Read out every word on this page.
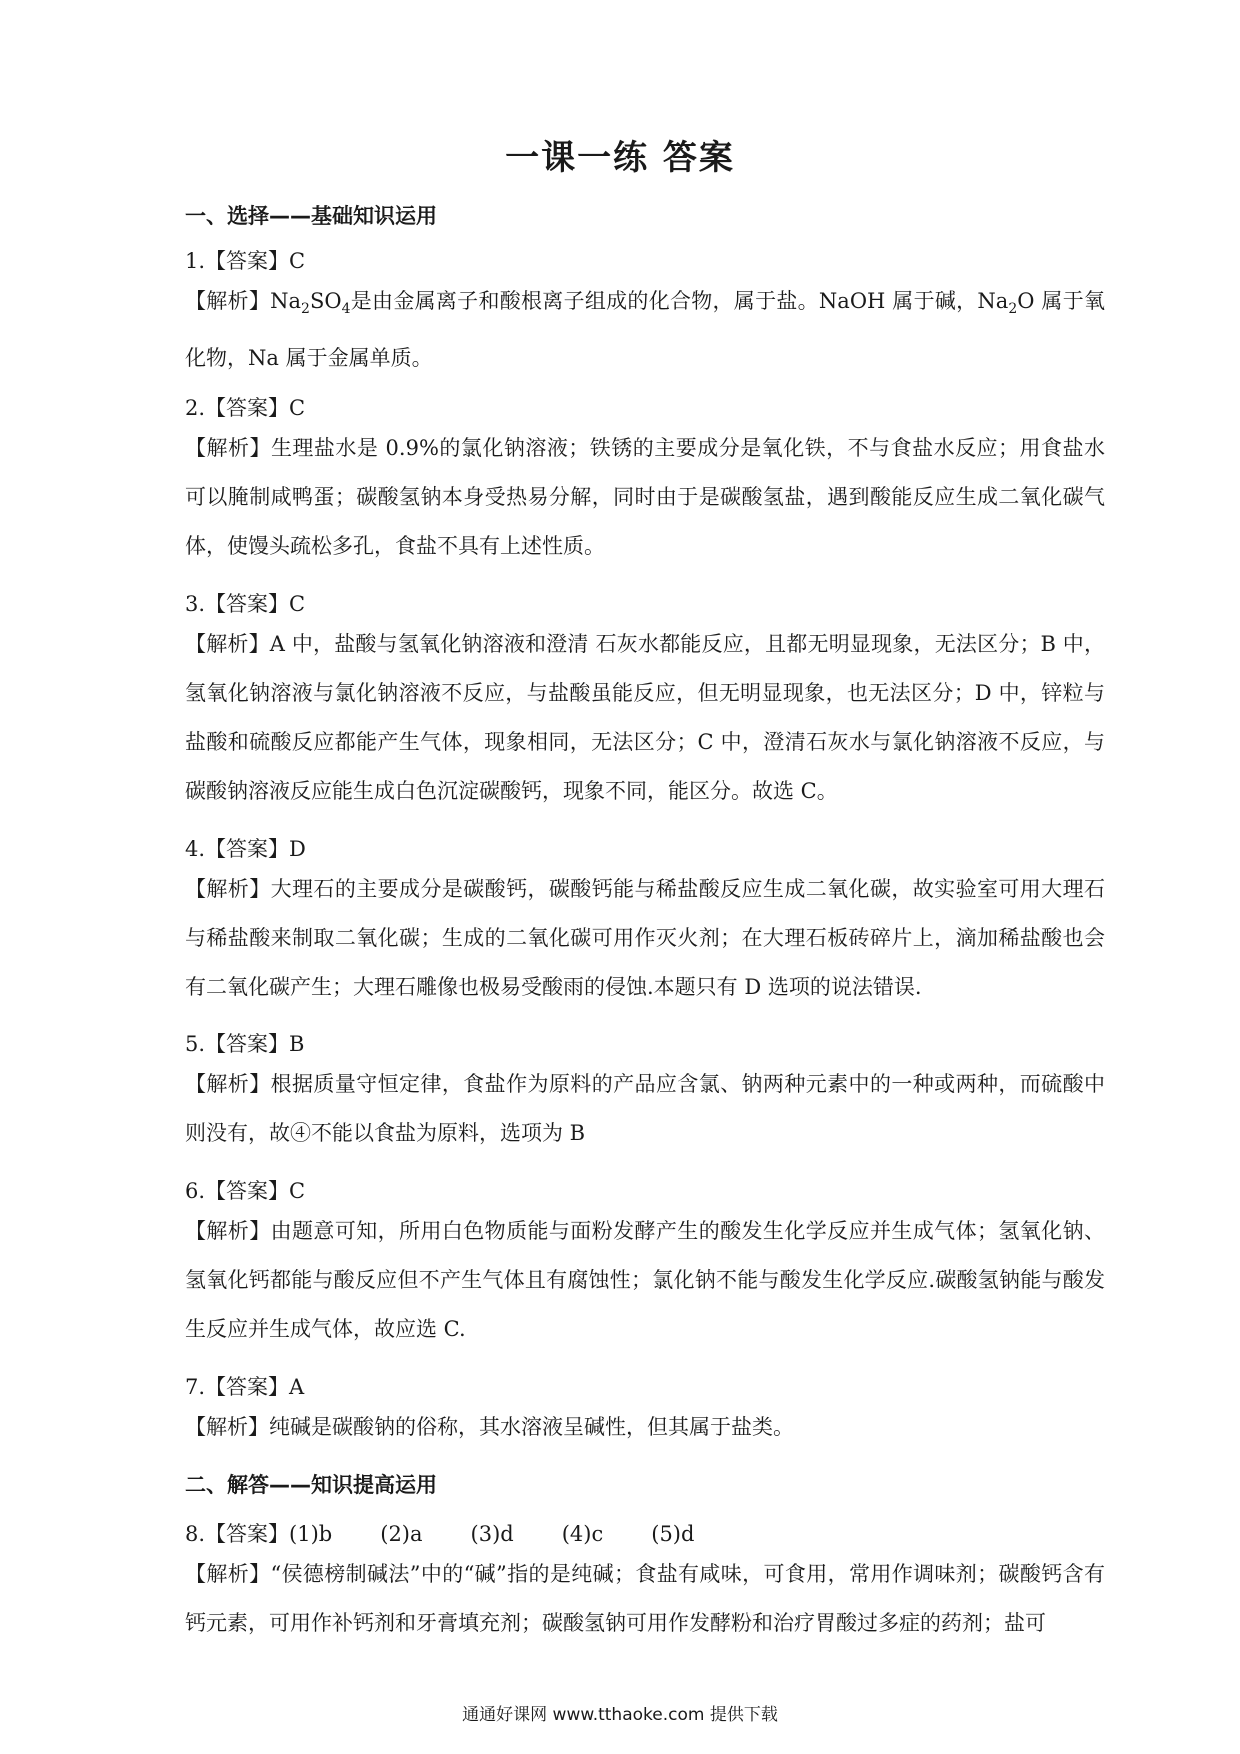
一课一练 答案
一、选择——基础知识运用
1.【答案】C
【解析】$Na_2SO_4$是由金属离子和酸根离子组成的化合物，属于盐。NaOH 属于碱，$Na_2O$ 属于氧化物，Na 属于金属单质。
2.【答案】C
【解析】生理盐水是 0.9%的氯化钠溶液；铁锈的主要成分是氧化铁，不与食盐水反应；用食盐水可以腌制咸鸭蛋；碳酸氢钠本身受热易分解，同时由于是碳酸氢盐，遇到酸能反应生成二氧化碳气体，使馒头疏松多孔，食盐不具有上述性质。
3.【答案】C
【解析】A 中，盐酸与氢氧化钠溶液和澄清 石灰水都能反应，且都无明显现象，无法区分；B 中，氢氧化钠溶液与氯化钠溶液不反应，与盐酸虽能反应，但无明显现象，也无法区分；D 中，锌粒与盐酸和硫酸反应都能产生气体，现象相同，无法区分；C 中，澄清石灰水与氯化钠溶液不反应，与碳酸钠溶液反应能生成白色沉淀碳酸钙，现象不同，能区分。故选 C。
4.【答案】D
【解析】大理石的主要成分是碳酸钙，碳酸钙能与稀盐酸反应生成二氧化碳，故实验室可用大理石与稀盐酸来制取二氧化碳；生成的二氧化碳可用作灭火剂；在大理石板砖碎片上，滴加稀盐酸也会有二氧化碳产生；大理石雕像也极易受酸雨的侵蚀.本题只有 D 选项的说法错误.
5.【答案】B
【解析】根据质量守恒定律，食盐作为原料的产品应含氯、钠两种元素中的一种或两种，而硫酸中则没有，故④不能以食盐为原料，选项为 B
6.【答案】C
【解析】由题意可知，所用白色物质能与面粉发酵产生的酸发生化学反应并生成气体；氢氧化钠、氢氧化钙都能与酸反应但不产生气体且有腐蚀性；氯化钠不能与酸发生化学反应.碳酸氢钠能与酸发生反应并生成气体，故应选 C.
7.【答案】A
【解析】纯碱是碳酸钠的俗称，其水溶液呈碱性，但其属于盐类。
二、解答——知识提高运用
8.【答案】(1)b (2)a (3)d (4)c (5)d
【解析】“侯德榜制碱法”中的“碱”指的是纯碱；食盐有咸味，可食用，常用作调味剂；碳酸钙含有钙元素，可用作补钙剂和牙膏填充剂；碳酸氢钠可用作发酵粉和治疗胃酸过多症的药剂；盐可
通通好课网 www.tthaoke.com 提供下载
